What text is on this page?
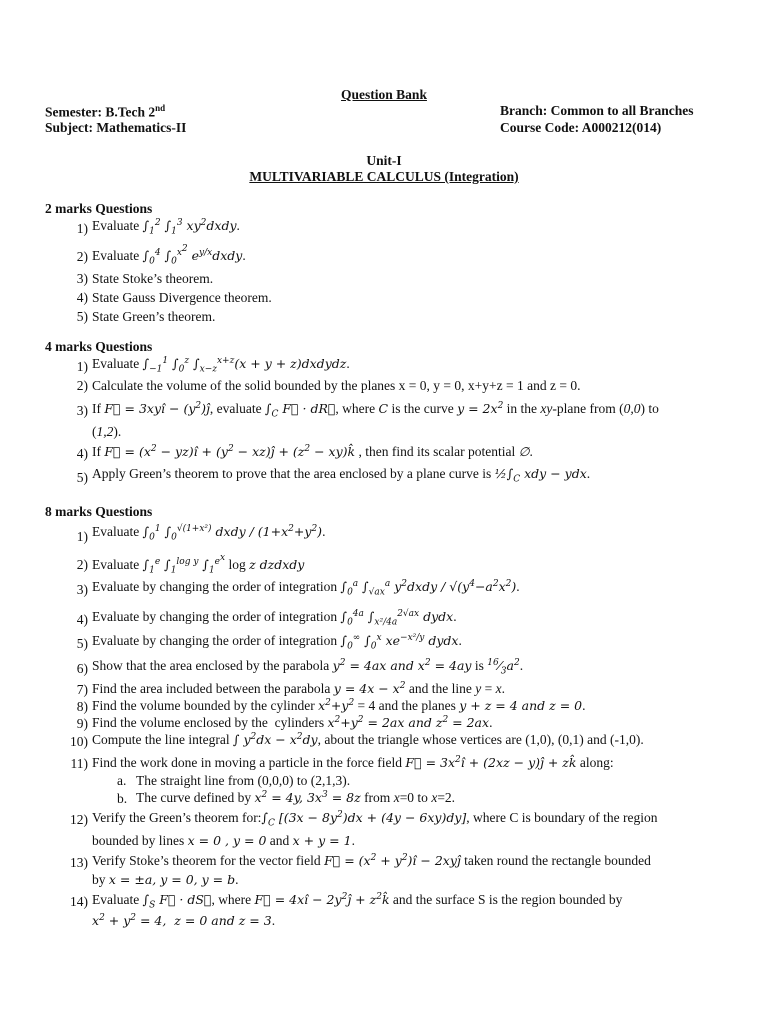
Question Bank
Semester: B.Tech 2nd	Branch: Common to all Branches
Subject: Mathematics-II	Course Code: A000212(014)
Unit-I
MULTIVARIABLE CALCULUS (Integration)
2 marks Questions
1) Evaluate $\int_1^2$ $\int_1^3$ $xy^2dxdy$.
2) Evaluate $\int_0^4$ $\int_0^{x^2}$ $e^{y/x}dxdy$.
3) State Stoke’s theorem.
4) State Gauss Divergence theorem.
5) State Green’s theorem.
4 marks Questions
1) Evaluate $\int_{-1}^1$ $\int_0^z$ $\int_{x-z}^{x+z}(x + y$ + z)dxdydz.
2) Calculate the volume of the solid bounded by the planes x = 0, y = 0, x+y+z = 1 and z = 0.
3) If F⃗ = 3xyî − $(y^2)ĵ$, evaluate $\int_C$ F⃗ · dR⃗, where C is the curve $y = 2x^2$ in the xy-plane from (0,0) to
(1,2).
4) If F⃗ = ($x^2$ − yz)î + ($y^2$ − xz)ĵ + ($z^2$ − xy)k̂ , then find its scalar potential ∅.
5) Apply Green’s theorem to prove that the area enclosed by a plane curve is $\frac{1}{2}\int_C$ xdy − ydx.
8 marks Questions
1) Evaluate $\int_0^1$ $\int_0^{√(1+x^2)}$ dxdy / $(1+x^2+y^2)$.
2) Evaluate $\int_1^e$ $\int_1^{log y}$ $\int_1^{e^x}$ log z dzdxdy
3) Evaluate by changing the order of integration $\int_0^a$ $\int_{√ax}^a$ $y^2dxdy / √(y^4-a^2x^2)$.
4) Evaluate by changing the order of integration $\int_0^{4a}$ $\int_{x^2/4a}^{2√ax}$ dydx.
5) Evaluate by changing the order of integration $\int_0^\infty$ $\int_0^x$ $xe^{-x^2/y}$ dydx.
6) Show that the area enclosed by the parabola $y^2 = 4ax$ and $x^2 = 4ay$ is $^{16}⁄_3a^2$.
7) Find the area included between the parabola $y = 4x - x^2$ and the line y = x.
8) Find the volume bounded by the cylinder $x^2+y^2 = 4$ and the planes y + z = 4 and z = 0.
9) Find the volume enclosed by the  cylinders $x^2+y^2 = 2ax$ and $z^2 = 2ax$.
10) Compute the line integral ∫ $y^2dx - x^2dy$, about the triangle whose vertices are (1,0), (0,1) and (-1,0).
11) Find the work done in moving a particle in the force field F⃗ = $3x^2î + (2xz$ − y)ĵ + zk̂ along:
a. The straight line from (0,0,0) to (2,1,3).
b. The curve defined by $x^2 = 4y$, $3x^3 = 8z$ from x=0 to x=2.
12) Verify the Green’s theorem $for:\int_C$ $[(3x - 8y^2)dx + (4y - 6xy)dy]$, where C is boundary of the region
bounded by lines x = 0 , y = 0 and x + y = 1.
13) Verify Stoke’s theorem for the vector field F⃗ = ($x^2$ + $y^2)î$ − 2xyĵ taken round the rectangle bounded
by x = ±a, y = 0, y = b.
14) Evaluate $\int_S$ F⃗ · dS⃗, where F⃗ = 4xî − $2y^2ĵ$ + $z^2k̂$ and the surface S is the region bounded by
$x^2 + y^2 = 4$,  z = 0 and z = 3.
